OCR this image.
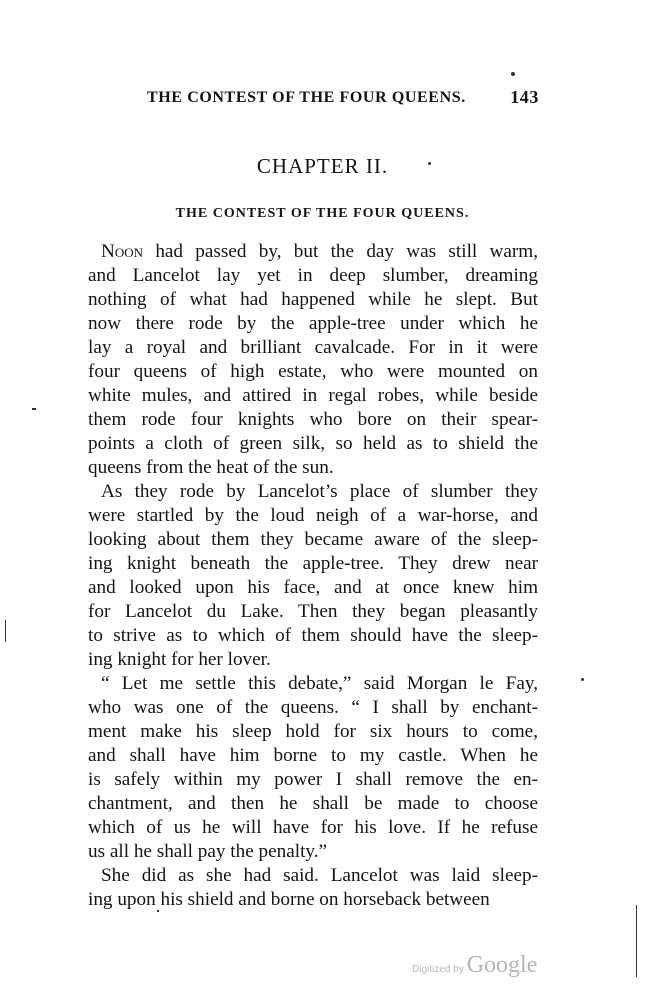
THE CONTEST OF THE FOUR QUEENS. 143
CHAPTER II.
THE CONTEST OF THE FOUR QUEENS.
Noon had passed by, but the day was still warm,
and Lancelot lay yet in deep slumber, dreaming
nothing of what had happened while he slept. But
now there rode by the apple-tree under which he
lay a royal and brilliant cavalcade. For in it were
four queens of high estate, who were mounted on
white mules, and attired in regal robes, while beside
them rode four knights who bore on their spear-
points a cloth of green silk, so held as to shield the
queens from the heat of the sun.
As they rode by Lancelot’s place of slumber they
were startled by the loud neigh of a war-horse, and
looking about them they became aware of the sleep-
ing knight beneath the apple-tree. They drew near
and looked upon his face, and at once knew him
for Lancelot du Lake. Then they began pleasantly
to strive as to which of them should have the sleep-
ing knight for her lover.
“ Let me settle this debate,” said Morgan le Fay,
who was one of the queens. “ I shall by enchant-
ment make his sleep hold for six hours to come,
and shall have him borne to my castle. When he
is safely within my power I shall remove the en-
chantment, and then he shall be made to choose
which of us he will have for his love. If he refuse
us all he shall pay the penalty.”
She did as she had said. Lancelot was laid sleep-
ing upon his shield and borne on horseback between
Digitized by Google
